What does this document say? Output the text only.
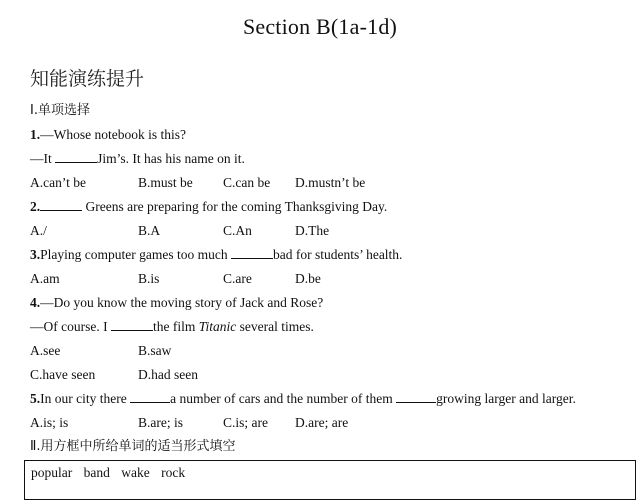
Section B(1a-1d)
知能演练提升
Ⅰ.单项选择
1.—Whose notebook is this?
—It	Jim’s. It has his name on it.
A.can’t be	B.must be C.can be D.mustn’t be
2.	Greens are preparing for the coming Thanksgiving Day.
A./	B.A	C.An	D.The
3.Playing computer games too much	bad for students’ health.
A.am	B.is	C.are	D.be
4.—Do you know the moving story of Jack and Rose?
—Of course. I	the film Titanic several times.
A.see	B.saw
C.have seen	D.had seen
5.In our city there	a number of cars and the number of them	growing larger and larger.
A.is; is	B.are; is	C.is; are D.are; are
Ⅱ.用方框中所给单词的适当形式填空
popular band wake rock
